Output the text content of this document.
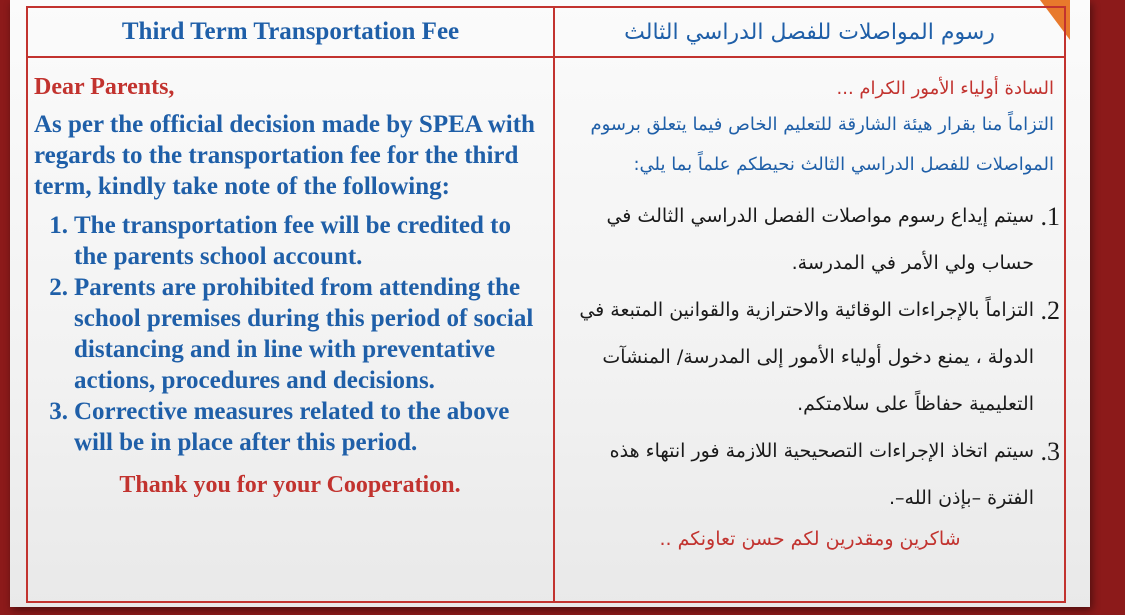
Third Term Transportation Fee	رسوم المواصلات للفصل الدراسي الثالث
Dear Parents,
As per the official decision made by SPEA with regards to the transportation fee for the third term, kindly take note of the following:
1. The transportation fee will be credited to the parents school account.
2. Parents are prohibited from attending the school premises during this period of social distancing and in line with preventative actions, procedures and decisions.
3. Corrective measures related to the above will be in place after this period.
Thank you for your Cooperation.
السادة أولياء الأمور الكرام ...
التزاماً منا بقرار هيئة الشارقة للتعليم الخاص فيما يتعلق برسوم المواصلات للفصل الدراسي الثالث نحيطكم علماً بما يلي:
1.
سيتم إيداع رسوم مواصلات الفصل الدراسي الثالث في حساب ولي الأمر في المدرسة.
2.
التزاماً بالإجراءات الوقائية والاحترازية والقوانين المتبعة في الدولة ، يمنع دخول أولياء الأمور إلى المدرسة/ المنشآت التعليمية حفاظاً على سلامتكم.
3.
سيتم اتخاذ الإجراءات التصحيحية اللازمة فور انتهاء هذه الفترة –بإذن الله–.
شاكرين ومقدرين لكم حسن تعاونكم ..
